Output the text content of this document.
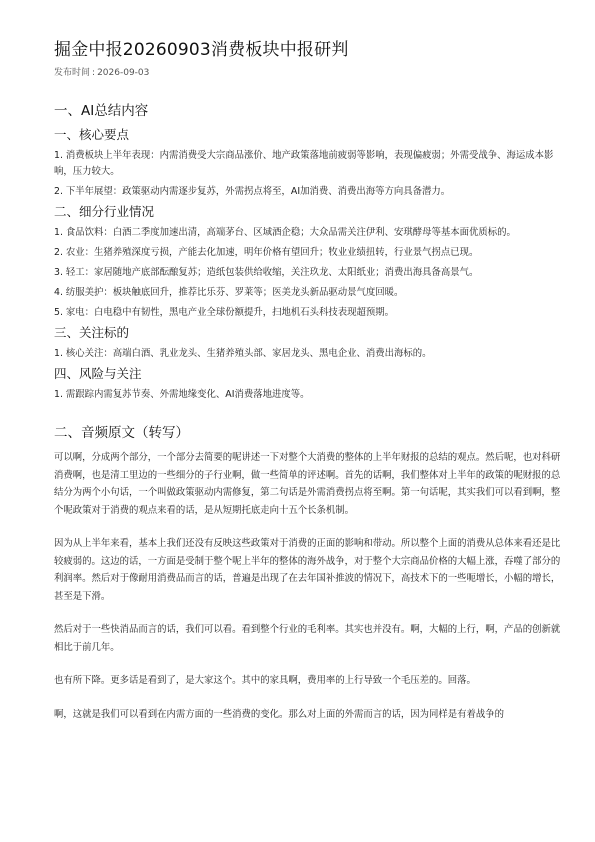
掘金中报20260903消费板块中报研判
发布时间 : 2026-09-03
一、AI总结内容
一、核心要点

1. 消费板块上半年表现：内需消费受大宗商品涨价、地产政策落地前疲弱等影响，表现偏疲弱；外需受战争、海运成本影响，压力较大。

2. 下半年展望：政策驱动内需逐步复苏，外需拐点将至，AI加消费、消费出海等方向具备潜力。

二、细分行业情况

1. 食品饮料：白酒二季度加速出清，高端茅台、区域酒企稳；大众品需关注伊利、安琪酵母等基本面优质标的。

2. 农业：生猪养殖深度亏损，产能去化加速，明年价格有望回升；牧业业绩扭转，行业景气拐点已现。

3. 轻工：家居随地产底部酝酿复苏；造纸包装供给收缩，关注玖龙、太阳纸业；消费出海具备高景气。

4. 纺服美护：板块触底回升，推荐比乐芬、罗莱等；医美龙头新品驱动景气度回暖。

5. 家电：白电稳中有韧性，黑电产业全球份额提升，扫地机石头科技表现超预期。

三、关注标的

1. 核心关注：高端白酒、乳业龙头、生猪养殖头部、家居龙头、黑电企业、消费出海标的。

四、风险与关注

1. 需跟踪内需复苏节奏、外需地缘变化、AI消费落地进度等。

二、音频原文（转写）

可以啊，分成两个部分，一个部分去简要的呢讲述一下对整个大消费的整体的上半年财报的总结的观点。然后呢，也对科研消费啊，也是清工里边的一些细分的子行业啊，做一些简单的评述啊。首先的话啊，我们整体对上半年的政策的呢财报的总结分为两个小句话，一个叫做政策驱动内需修复，第二句话是外需消费拐点将至啊。第一句话呢，其实我们可以看到啊，整个呢政策对于消费的观点来看的话，是从短期托底走向十五个长条机制。

因为从上半年来看，基本上我们还没有反映这些政策对于消费的正面的影响和带动。所以整个上面的消费从总体来看还是比较疲弱的。这边的话，一方面是受制于整个呢上半年的整体的海外战争，对于整个大宗商品价格的大幅上涨，吞噬了部分的利润率。然后对于像耐用消费品而言的话，普遍是出现了在去年国补推波的情况下，高技术下的一些呃增长，小幅的增长，甚至是下滑。

然后对于一些快消品而言的话，我们可以看。看到整个行业的毛利率。其实也并没有。啊，大幅的上行，啊，产品的创新就相比于前几年。

也有所下降。更多话是看到了，是大家这个。其中的家具啊，费用率的上行导致一个毛压差的。回落。

啊，这就是我们可以看到在内需方面的一些消费的变化。那么对上面的外需而言的话，因为同样是有着战争的
